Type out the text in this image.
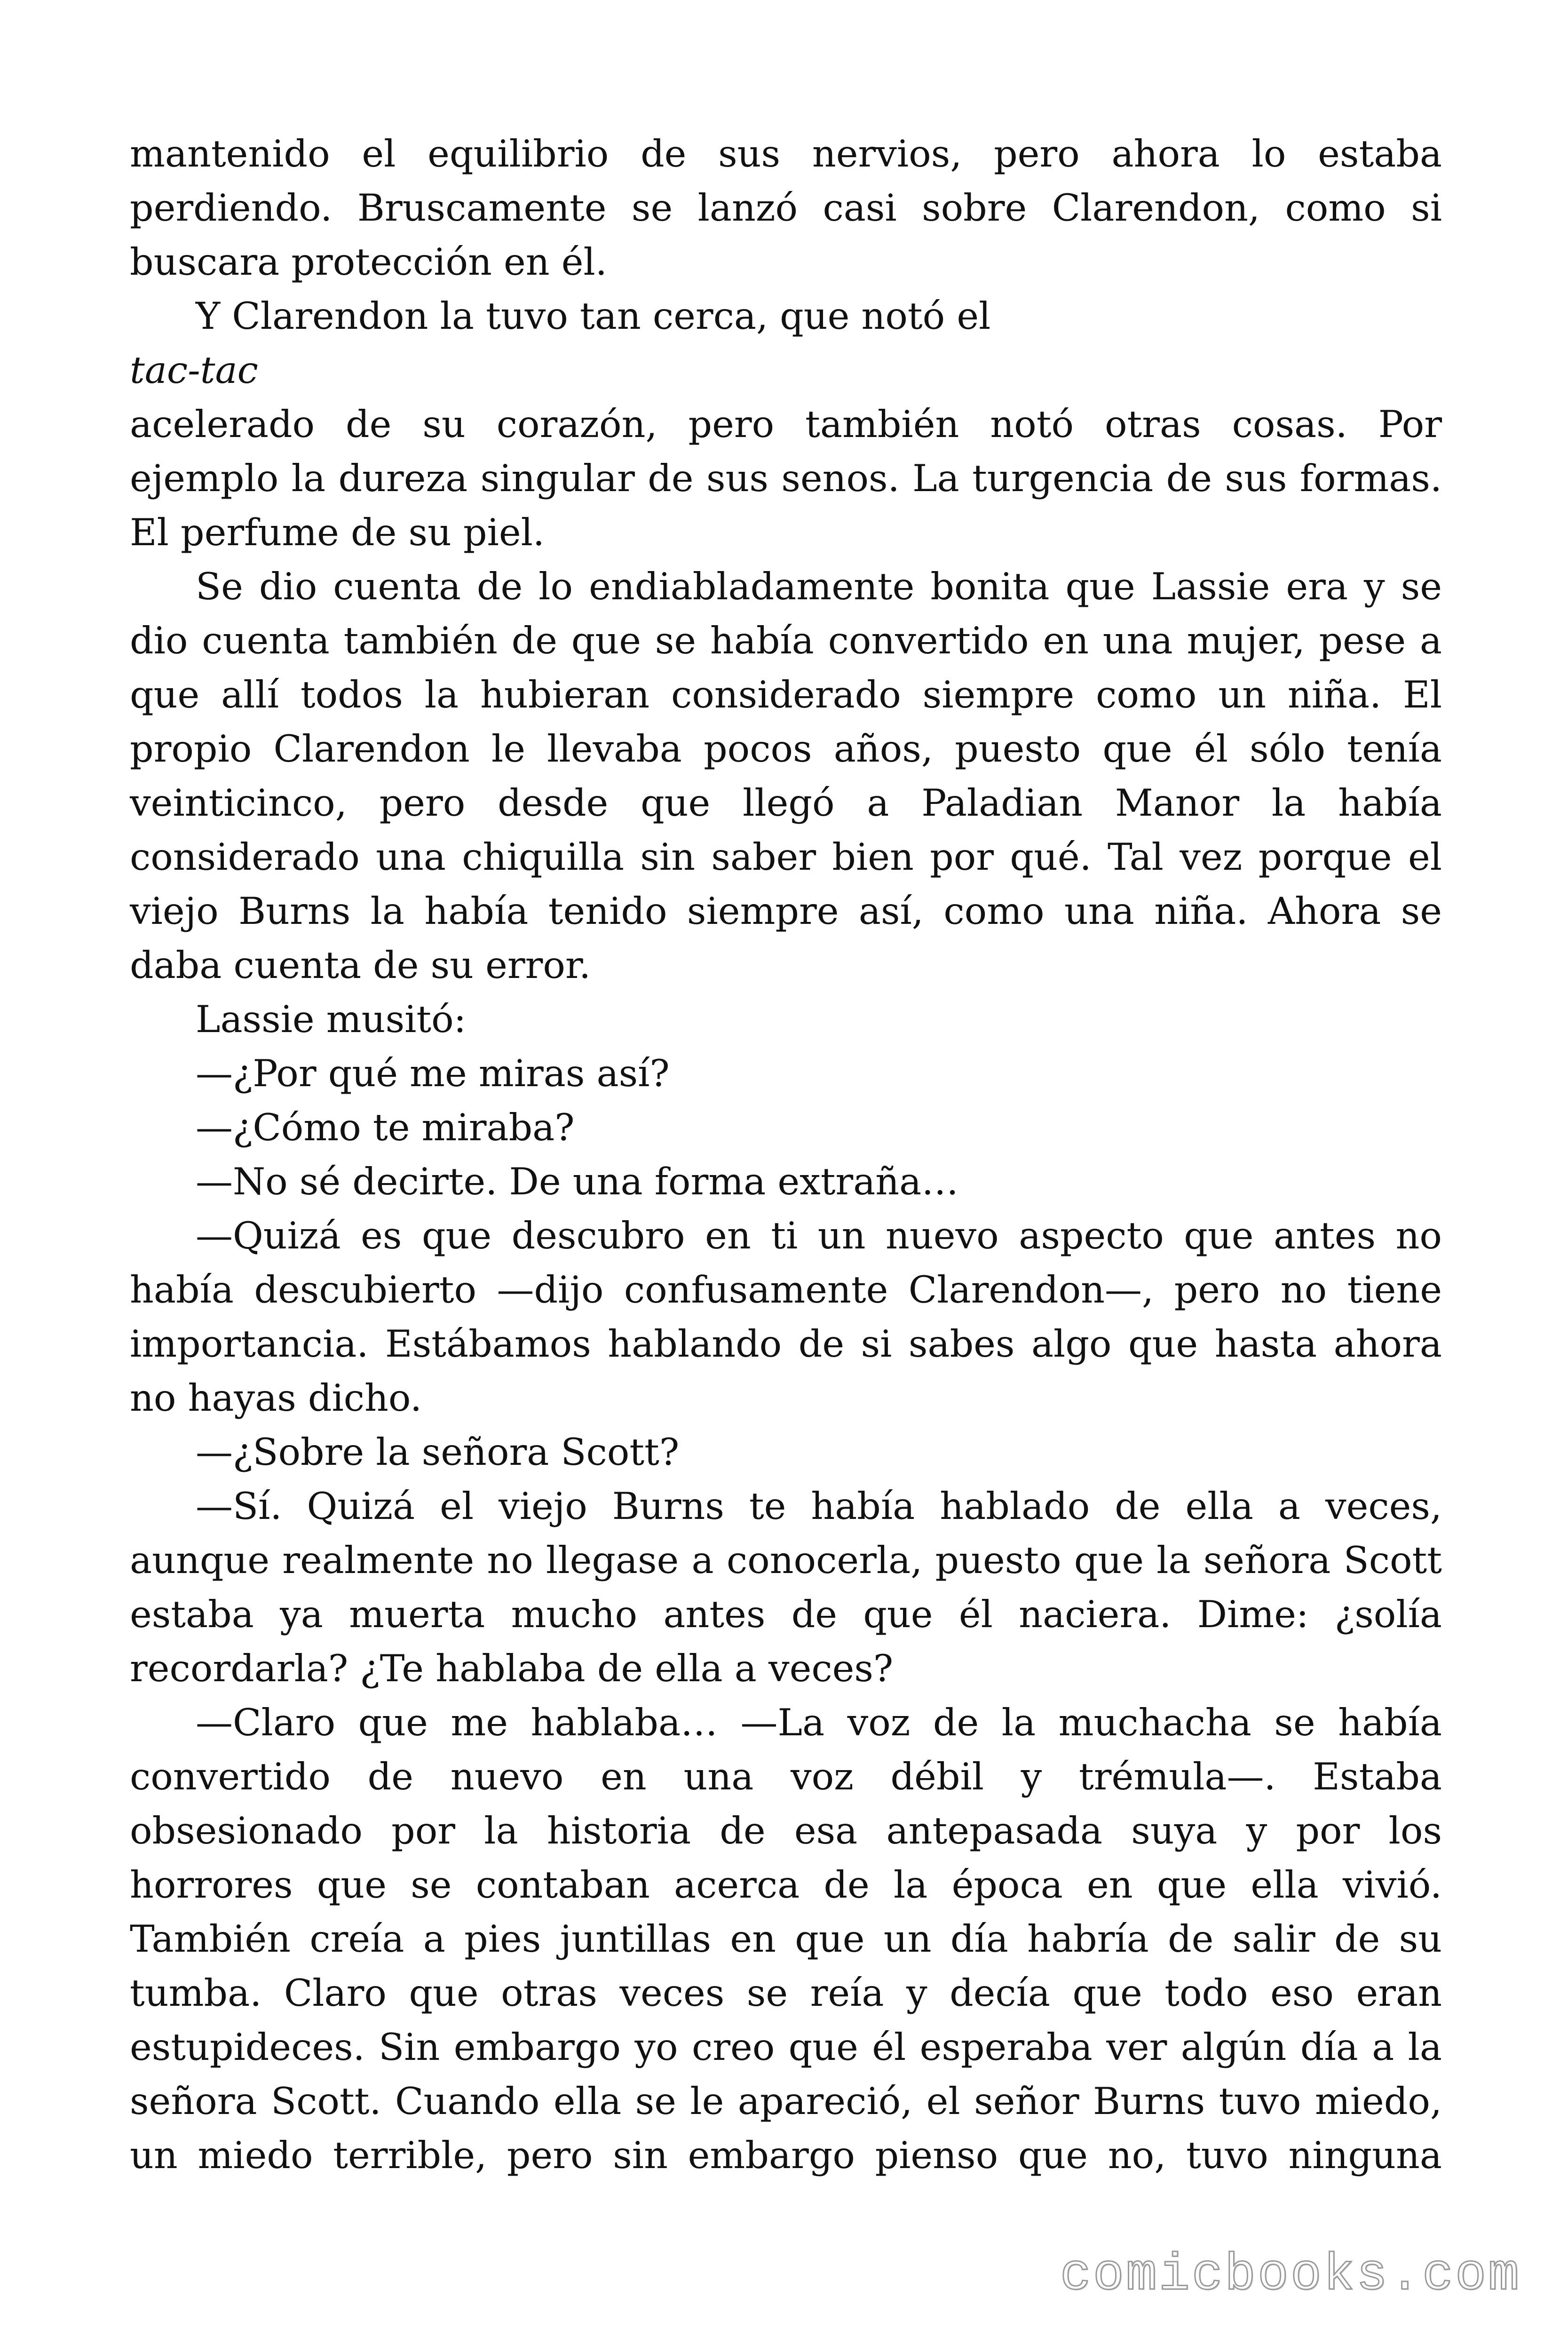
mantenido el equilibrio de sus nervios, pero ahora lo estaba
perdiendo. Bruscamente se lanzó casi sobre Clarendon, como si
buscara protección en él.
Y Clarendon la tuvo tan cerca, que notó el
tac-tac
acelerado de su corazón, pero también notó otras cosas. Por
ejemplo la dureza singular de sus senos. La turgencia de sus formas.
El perfume de su piel.
Se dio cuenta de lo endiabladamente bonita que Lassie era y se
dio cuenta también de que se había convertido en una mujer, pese a
que allí todos la hubieran considerado siempre como un niña. El
propio Clarendon le llevaba pocos años, puesto que él sólo tenía
veinticinco, pero desde que llegó a Paladian Manor la había
considerado una chiquilla sin saber bien por qué. Tal vez porque el
viejo Burns la había tenido siempre así, como una niña. Ahora se
daba cuenta de su error.
Lassie musitó:
—¿Por qué me miras así?
—¿Cómo te miraba?
—No sé decirte. De una forma extraña…
—Quizá es que descubro en ti un nuevo aspecto que antes no
había descubierto —dijo confusamente Clarendon—, pero no tiene
importancia. Estábamos hablando de si sabes algo que hasta ahora
no hayas dicho.
—¿Sobre la señora Scott?
—Sí. Quizá el viejo Burns te había hablado de ella a veces,
aunque realmente no llegase a conocerla, puesto que la señora Scott
estaba ya muerta mucho antes de que él naciera. Dime: ¿solía
recordarla? ¿Te hablaba de ella a veces?
—Claro que me hablaba… —La voz de la muchacha se había
convertido de nuevo en una voz débil y trémula—. Estaba
obsesionado por la historia de esa antepasada suya y por los
horrores que se contaban acerca de la época en que ella vivió.
También creía a pies juntillas en que un día habría de salir de su
tumba. Claro que otras veces se reía y decía que todo eso eran
estupideces. Sin embargo yo creo que él esperaba ver algún día a la
señora Scott. Cuando ella se le apareció, el señor Burns tuvo miedo,
un miedo terrible, pero sin embargo pienso que no, tuvo ninguna
comicbooks.com
